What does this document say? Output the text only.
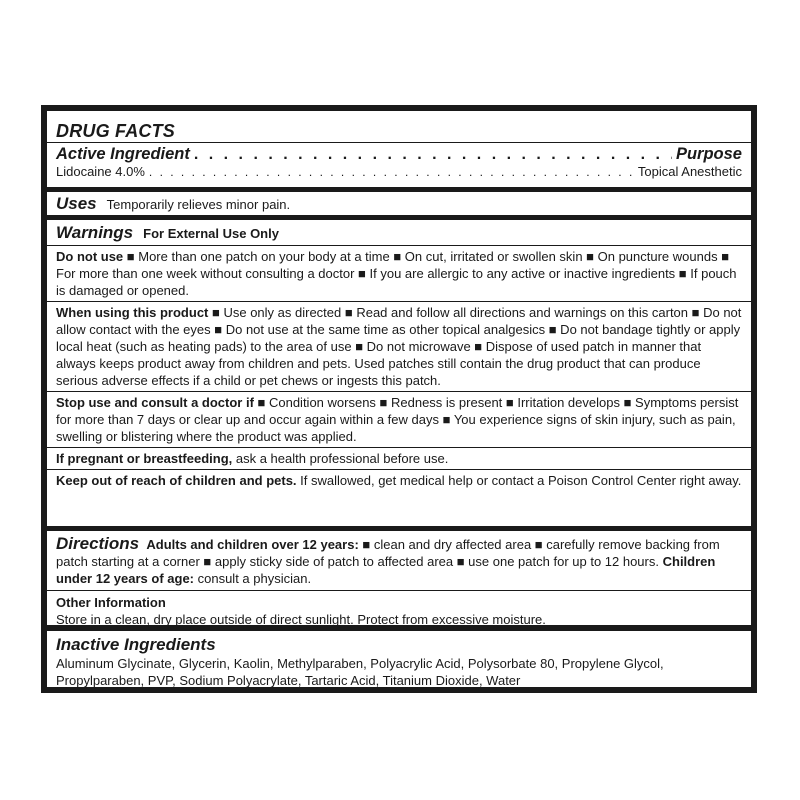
DRUG FACTS
Active Ingredient . . .	Purpose
Lidocaine 4.0% . . .	Topical Anesthetic
Uses Temporarily relieves minor pain.
Warnings For External Use Only

Do not use ■ More than one patch on your body at a time ■ On cut, irritated or swollen skin ■ On puncture wounds ■ For more than one week without consulting a doctor ■ If you are allergic to any active or inactive ingredients ■ If pouch is damaged or opened.

When using this product ■ Use only as directed ■ Read and follow all directions and warnings on this carton ■ Do not allow contact with the eyes ■ Do not use at the same time as other topical analgesics ■ Do not bandage tightly or apply local heat (such as heating pads) to the area of use ■ Do not microwave ■ Dispose of used patch in manner that always keeps product away from children and pets. Used patches still contain the drug product that can produce serious adverse effects if a child or pet chews or ingests this patch.

Stop use and consult a doctor if ■ Condition worsens ■ Redness is present ■ Irritation develops ■ Symptoms persist for more than 7 days or clear up and occur again within a few days ■ You experience signs of skin injury, such as pain, swelling or blistering where the product was applied.

If pregnant or breastfeeding, ask a health professional before use.

Keep out of reach of children and pets. If swallowed, get medical help or contact a Poison Control Center right away.

Directions Adults and children over 12 years: ■ clean and dry affected area ■ carefully remove backing from patch starting at a corner ■ apply sticky side of patch to affected area ■ use one patch for up to 12 hours. Children under 12 years of age: consult a physician.

Other Information

Store in a clean, dry place outside of direct sunlight. Protect from excessive moisture.

Inactive Ingredients

Aluminum Glycinate, Glycerin, Kaolin, Methylparaben, Polyacrylic Acid, Polysorbate 80, Propylene Glycol, Propylparaben, PVP, Sodium Polyacrylate, Tartaric Acid, Titanium Dioxide, Water
